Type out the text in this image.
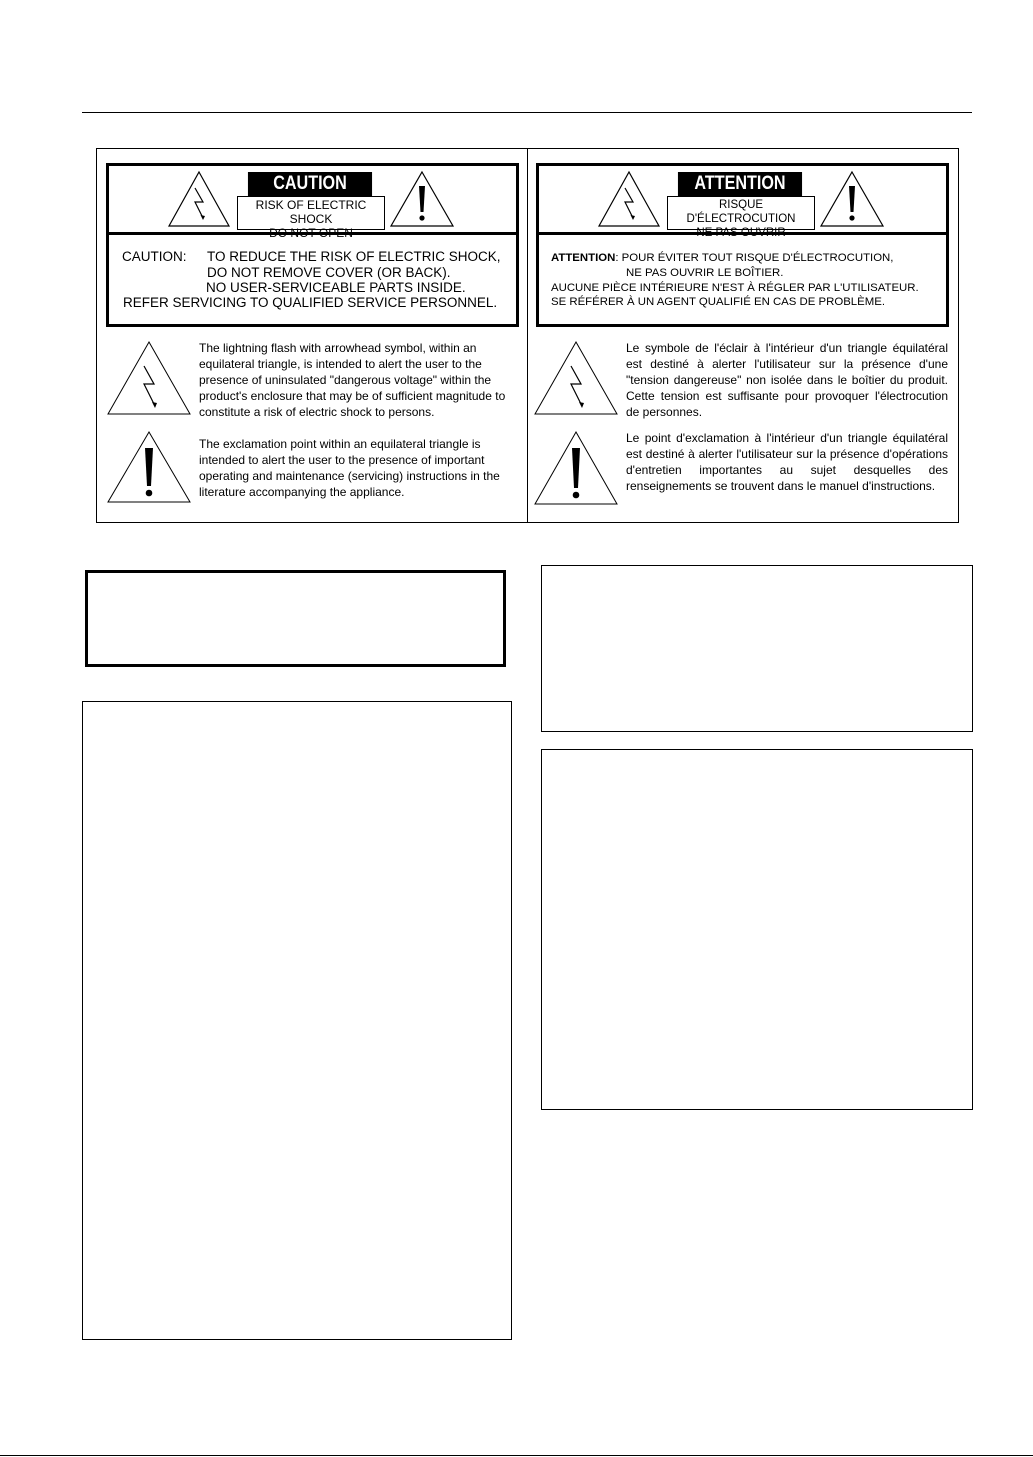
CAUTION
RISK OF ELECTRIC SHOCK
DO NOT OPEN
CAUTION: TO REDUCE THE RISK OF ELECTRIC SHOCK,
DO NOT REMOVE COVER (OR BACK).
NO USER-SERVICEABLE PARTS INSIDE.
REFER SERVICING TO QUALIFIED SERVICE PERSONNEL.
The lightning flash with arrowhead symbol, within an equilateral triangle, is intended to alert the user to the presence of uninsulated "dangerous voltage" within the product's enclosure that may be of sufficient magnitude to constitute a risk of electric shock to persons.
The exclamation point within an equilateral triangle is intended to alert the user to the presence of important operating and maintenance (servicing) instructions in the literature accompanying the appliance.
ATTENTION
RISQUE D'ÉLECTROCUTION
NE PAS OUVRIR
ATTENTION: POUR ÉVITER TOUT RISQUE D'ÉLECTROCUTION,
NE PAS OUVRIR LE BOÎTIER.
AUCUNE PIÈCE INTÉRIEURE N'EST À RÉGLER PAR L'UTILISATEUR.
SE RÉFÉRER À UN AGENT QUALIFIÉ EN CAS DE PROBLÈME.
Le symbole de l'éclair à l'intérieur d'un triangle équilatéral est destiné à alerter l'utilisateur sur la présence d'une "tension dangereuse" non isolée dans le boîtier du produit. Cette tension est suffisante pour provoquer l'électrocution de personnes.
Le point d'exclamation à l'intérieur d'un triangle équilatéral est destiné à alerter l'utilisateur sur la présence d'opérations d'entretien importantes au sujet desquelles des renseignements se trouvent dans le manuel d'instructions.
